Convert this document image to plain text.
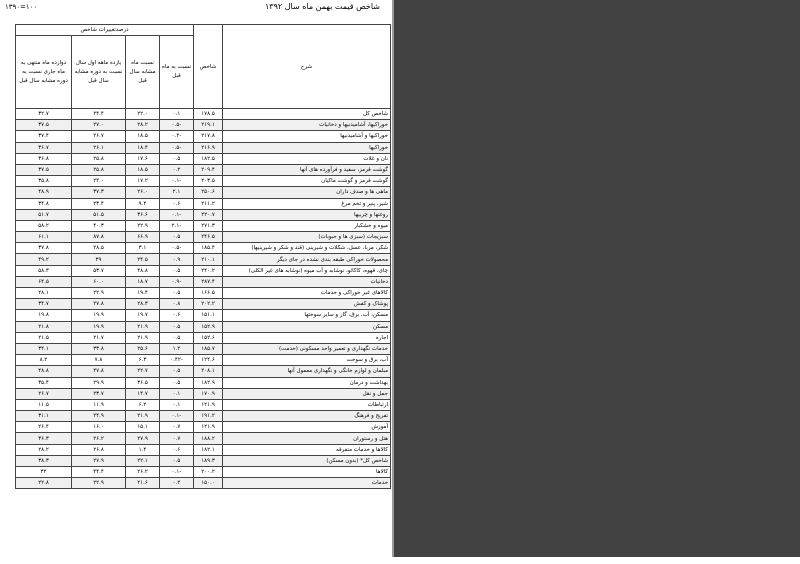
شاخص قیمت بهمن ماه سال ۱۳۹۲
۱۳۹۰=۱۰۰
شرح	شاخص	درصدتغییرات شاخص			
		نسبت به ماه قبل	نسبت ماه مشابه سال قبل	یازده ماهه اول سال نسبت به دوره مشابه سال قبل	دوازده ماه منتهی به ماه جاری نسبت به دوره مشابه سال قبل
شاخص کل	۱۷۸.۵	۰.۱	۲۲.۰	۲۴.۴	۳۲.۷
خوراکیها، آشامیدنیها و دخانیات	۲۱۹.۱	-۰.۵	۲۸.۲	۲۷.۰	۳۷.۵
خوراکیها و آشامیدنیها	۲۱۷.۸	-۰.۴	۱۸.۵	۲۶.۷	۳۷.۴
خوراکیها	۲۱۶.۹	-۰.۵	۱۸.۴	۲۶.۱	۳۶.۷
نان و غلات	۱۸۲.۵	۰.۵	۱۷.۶	۲۵.۸	۳۶.۸
گوشت قرمز، سفید و فرآورده های آنها	۲۰۹.۴	۰.۲	۱۸.۵	۲۵.۸	۳۷.۵
گوشت قرمز و گوشت ماکیان	۲۰۳.۵	-۰.۱	۱۷.۲	۲۴.۰	۳۵.۸
ماهی ها و صدف داران	۲۵۰.۶	۲.۱	۲۶.۰	۳۷.۳	۴۸.۹
شیر، پنیر و تخم مرغ	۲۱۱.۲	۰.۶	۹.۴	۲۳.۴	۳۴.۸
روغنها و چربیها	۲۲۰.۷	-۰.۱	۳۶.۶	۵۱.۵	۵۱.۷
میوه و خشکبار	۲۷۱.۳	-۲.۱	۲۲.۹	۴۰.۳	۵۸.۲
سبزیجات (سبزی ها و حبوبات)	۲۴۶.۵	۰.۵	۶۶.۹	۸۷.۸	۶۱.۱
شکر، مربا، عسل، شکلات و شیرینی (قند و شکر و شیرینیها)	۱۸۵.۴	-۰.۵	۳.۱	۲۸.۵	۳۷.۸
محصولات خوراکی طبقه بندی نشده در جای دیگر	۲۱۰.۱	۰.۹	۲۴.۵	۳۹	۴۹.۲
چای، قهوه، کاکائو، نوشابه و آب میوه (نوشابه های غیر الکلی)	۲۴۰.۲	۰.۵	۴۸.۸	۵۳.۷	۵۸.۳
دخانیات	۲۸۷.۴	-۰.۹	۱۸.۷	۶۰.۰	۶۴.۵
کالاهای غیر خوراکی و خدمات	۱۶۶.۵	۰.۵	۱۹.۴	۲۲.۹	۲۸.۱
پوشاک و کفش	۲۰۲.۲	۰.۸	۲۸.۳	۲۷.۸	۳۴.۷
مسکن، آب، برق، گاز و سایر سوختها	۱۵۱.۱	۰.۶	۱۹.۷	۱۹.۹	۱۹.۸
مسکن	۱۵۲.۹	۰.۵	۲۱.۹	۱۹.۹	۲۱.۸
اجاره	۱۵۲.۶	۰.۵	۲۱.۹	۲۱.۷	۲۱.۵
خدمات نگهداری و تعمیر واحد مسکونی (خدمت)	۱۸۵.۷	۱.۲	۲۵.۶	۳۳.۸	۳۴.۱
آب، برق و سوخت	۱۲۴.۶	-۰.۴۲	۶.۳	۷.۸	۸.۲
مبلمان و لوازم خانگی و نگهداری معمول آنها	۲۰۸.۱	۰.۵	۲۲.۷	۴۷.۸	۴۸.۸
بهداشت و درمان	۱۸۲.۹	۰.۵	۳۶.۵	۲۹.۹	۳۵.۴
حمل و نقل	۱۷۰.۹	۰.۱	۱۴.۷	۲۳.۷	۲۶.۷
ارتباطات	۱۲۱.۹	۰.۱	۶.۲	۱۱.۹	۱۱.۵
تفریح و فرهنگ	۱۹۱.۲	-۰.۱	۲۱.۹	۲۴.۹	۳۱.۱
آموزش	۱۲۱.۹	۰.۷	۱۵.۱	۱۶.۰	۲۶.۴
هتل و رستوران	۱۸۸.۲	۰.۷	۲۷.۹	۲۶.۲	۳۶.۳
کالاها و خدمات متفرقه	۱۸۲.۱	۰.۶	۱.۴	۲۶.۸	۲۸.۲
شاخص کل* (بدون مسکن)	۱۸۹.۳	۰.۵	۲۲.۱	۲۷.۹	۳۸.۳
کالاها	۲۰۰.۲	-۰.۱	۲۶.۲	۴۴.۴	۳۲
خدمات	۱۵۰.۰	۰.۲	۲۱.۶	۲۲.۹	۲۲.۸
